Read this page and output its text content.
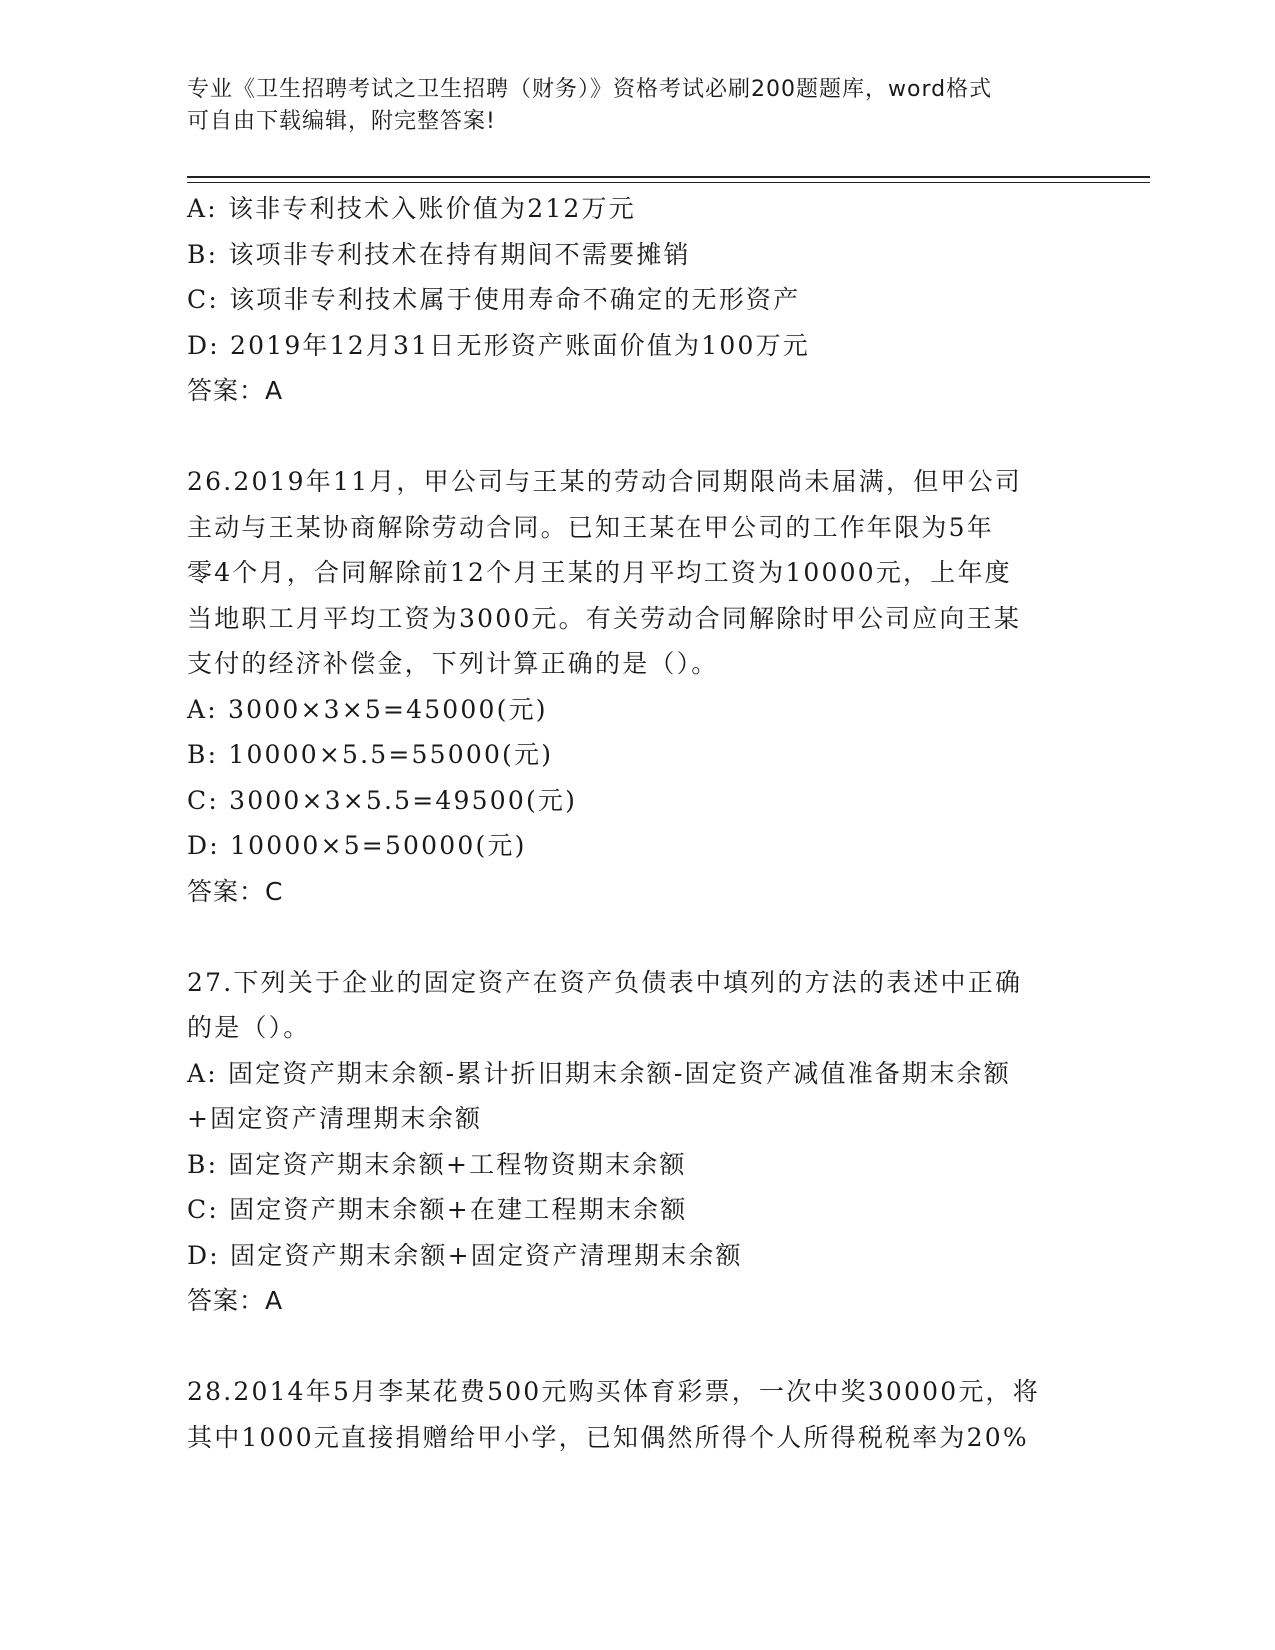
专业《卫生招聘考试之卫生招聘（财务）》资格考试必刷200题题库，word格式
可自由下载编辑，附完整答案!
A: 该非专利技术入账价值为212万元
B: 该项非专利技术在持有期间不需要摊销
C: 该项非专利技术属于使用寿命不确定的无形资产
D: 2019年12月31日无形资产账面价值为100万元
答案：A
26.2019年11月，甲公司与王某的劳动合同期限尚未届满，但甲公司
主动与王某协商解除劳动合同。已知王某在甲公司的工作年限为5年
零4个月，合同解除前12个月王某的月平均工资为10000元，上年度
当地职工月平均工资为3000元。有关劳动合同解除时甲公司应向王某
支付的经济补偿金，下列计算正确的是（）。
A: 3000×3×5=45000(元)
B: 10000×5.5=55000(元)
C: 3000×3×5.5=49500(元)
D: 10000×5=50000(元)
答案：C
27.下列关于企业的固定资产在资产负债表中填列的方法的表述中正确
的是（）。
A: 固定资产期末余额-累计折旧期末余额-固定资产减值准备期末余额
+固定资产清理期末余额
B: 固定资产期末余额+工程物资期末余额
C: 固定资产期末余额+在建工程期末余额
D: 固定资产期末余额+固定资产清理期末余额
答案：A
28.2014年5月李某花费500元购买体育彩票，一次中奖30000元，将
其中1000元直接捐赠给甲小学，已知偶然所得个人所得税税率为20%
